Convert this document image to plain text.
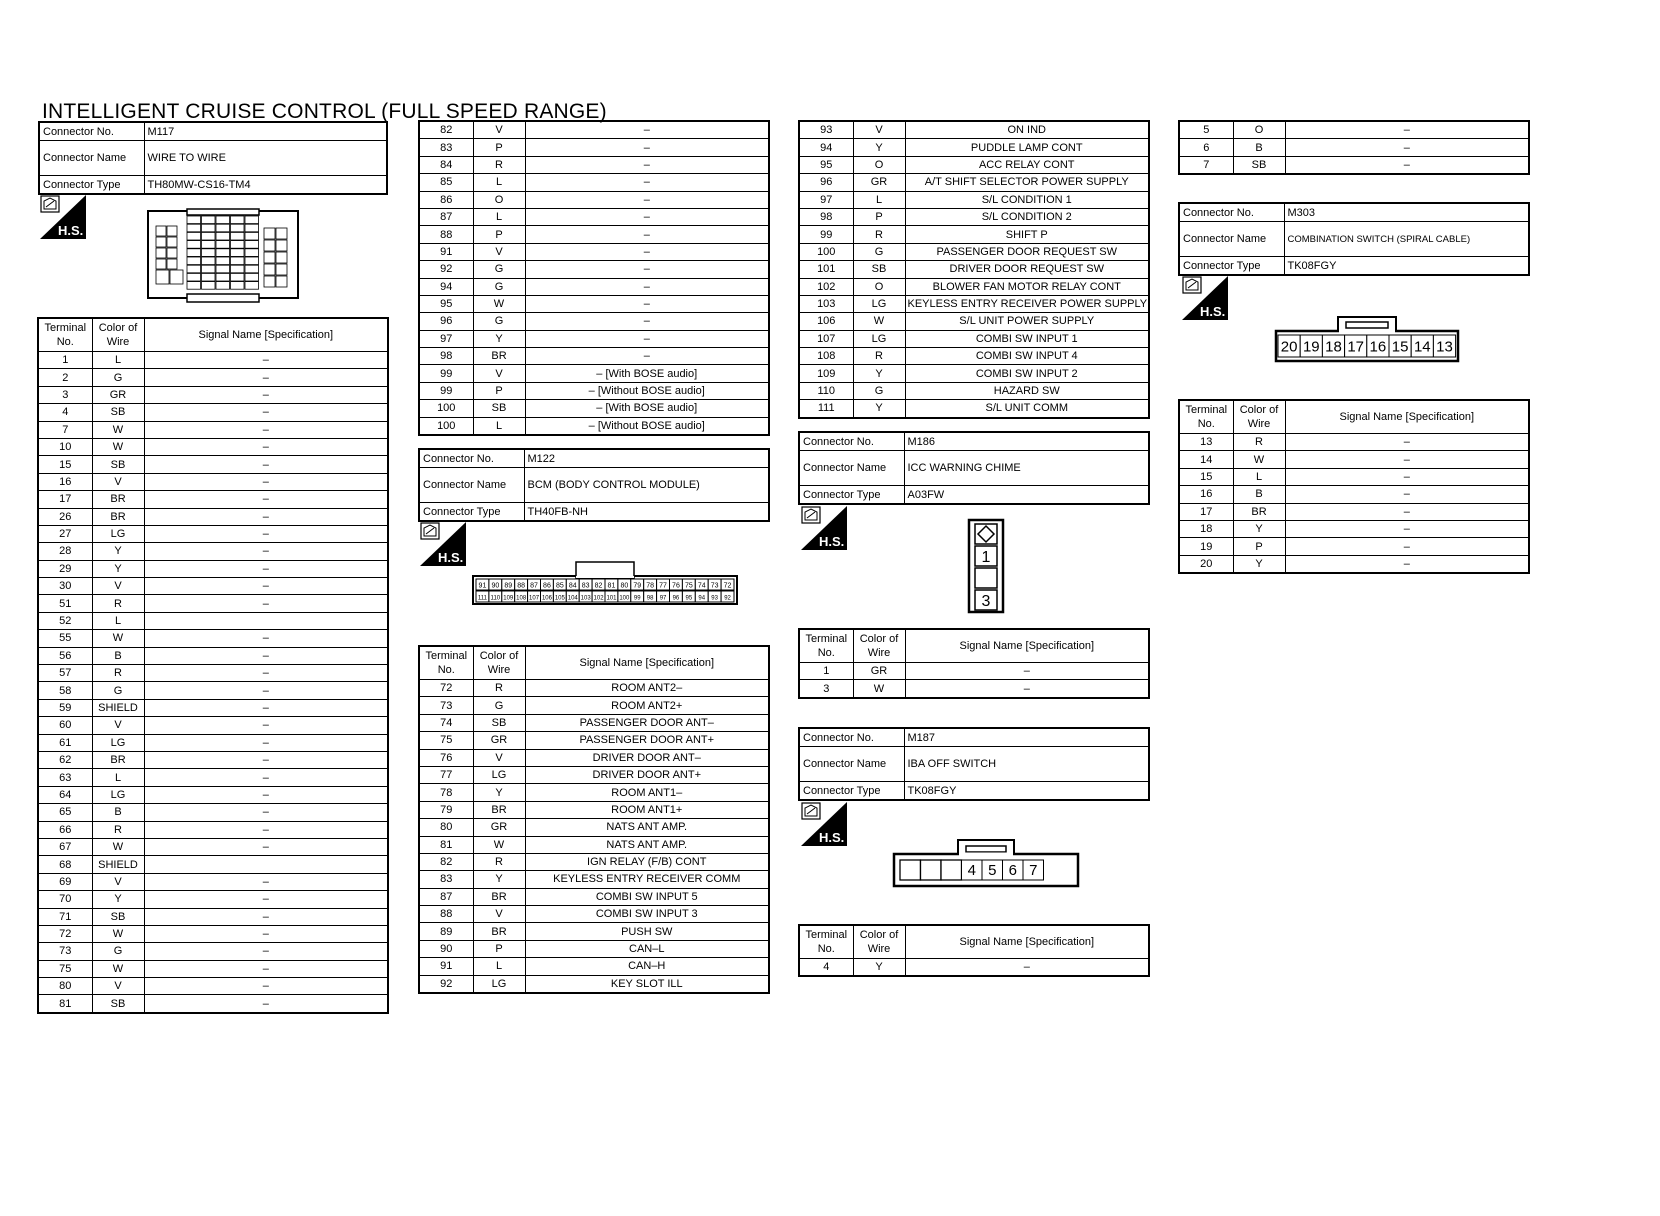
INTELLIGENT CRUISE CONTROL (FULL SPEED RANGE)
Connector No.	M117
Connector Name	WIRE TO WIRE
Connector Type	TH80MW-CS16-TM4
H.S.
Terminal No.	Color of Wire	Signal Name [Specification]
1	L	–
2	G	–
3	GR	–
4	SB	–
7	W	–
10	W	–
15	SB	–
16	V	–
17	BR	–
26	BR	–
27	LG	–
28	Y	–
29	Y	–
30	V	–
51	R	–
52	L	
55	W	–
56	B	–
57	R	–
58	G	–
59	SHIELD	–
60	V	–
61	LG	–
62	BR	–
63	L	–
64	LG	–
65	B	–
66	R	–
67	W	–
68	SHIELD	
69	V	–
70	Y	–
71	SB	–
72	W	–
73	G	–
75	W	–
80	V	–
81	SB	–
82	V	–
83	P	–
84	R	–
85	L	–
86	O	–
87	L	–
88	P	–
91	V	–
92	G	–
94	G	–
95	W	–
96	G	–
97	Y	–
98	BR	–
99	V	– [With BOSE audio]
99	P	– [Without BOSE audio]
100	SB	– [With BOSE audio]
100	L	– [Without BOSE audio]
Connector No.	M122
Connector Name	BCM (BODY CONTROL MODULE)
Connector Type	TH40FB-NH
H.S.
91 90 89 88 87 86 85 84 83 82 81 80 79 78 77 76 75 74 73 72
111 110 109 108 107 106 105 104 103 102 101 100 99 98 97 96 95 94 93 92
Terminal No.	Color of Wire	Signal Name [Specification]
72	R	ROOM ANT2–
73	G	ROOM ANT2+
74	SB	PASSENGER DOOR ANT–
75	GR	PASSENGER DOOR ANT+
76	V	DRIVER DOOR ANT–
77	LG	DRIVER DOOR ANT+
78	Y	ROOM ANT1–
79	BR	ROOM ANT1+
80	GR	NATS ANT AMP.
81	W	NATS ANT AMP.
82	R	IGN RELAY (F/B) CONT
83	Y	KEYLESS ENTRY RECEIVER COMM
87	BR	COMBI SW INPUT 5
88	V	COMBI SW INPUT 3
89	BR	PUSH SW
90	P	CAN–L
91	L	CAN–H
92	LG	KEY SLOT ILL
93	V	ON IND
94	Y	PUDDLE LAMP CONT
95	O	ACC RELAY CONT
96	GR	A/T SHIFT SELECTOR POWER SUPPLY
97	L	S/L CONDITION 1
98	P	S/L CONDITION 2
99	R	SHIFT P
100	G	PASSENGER DOOR REQUEST SW
101	SB	DRIVER DOOR REQUEST SW
102	O	BLOWER FAN MOTOR RELAY CONT
103	LG	KEYLESS ENTRY RECEIVER POWER SUPPLY
106	W	S/L UNIT POWER SUPPLY
107	LG	COMBI SW INPUT 1
108	R	COMBI SW INPUT 4
109	Y	COMBI SW INPUT 2
110	G	HAZARD SW
111	Y	S/L UNIT COMM
Connector No.	M186
Connector Name	ICC WARNING CHIME
Connector Type	A03FW
H.S.
1
3
Terminal No.	Color of Wire	Signal Name [Specification]
1	GR	–
3	W	–
Connector No.	M187
Connector Name	IBA OFF SWITCH
Connector Type	TK08FGY
H.S.
4 5 6 7
Terminal No.	Color of Wire	Signal Name [Specification]
4	Y	–
5	O	–
6	B	–
7	SB	–
Connector No.	M303
Connector Name	COMBINATION SWITCH (SPIRAL CABLE)
Connector Type	TK08FGY
H.S.
20 19 18 17 16 15 14 13
Terminal No.	Color of Wire	Signal Name [Specification]
13	R	–
14	W	–
15	L	–
16	B	–
17	BR	–
18	Y	–
19	P	–
20	Y	–
